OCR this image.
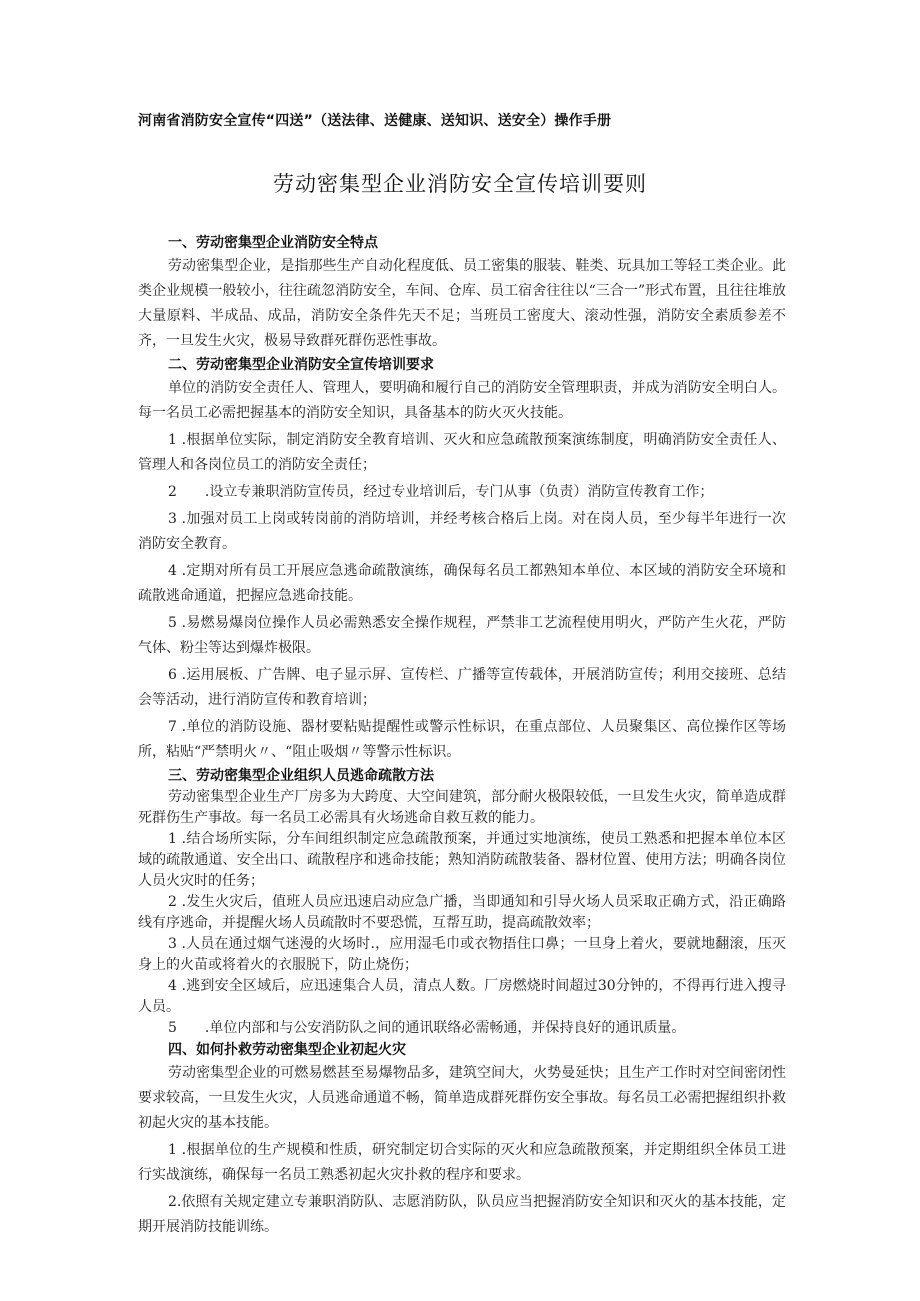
河南省消防安全宣传“四送”（送法律、送健康、送知识、送安全）操作手册
劳动密集型企业消防安全宣传培训要则

一、劳动密集型企业消防安全特点

劳动密集型企业，是指那些生产自动化程度低、员工密集的服装、鞋类、玩具加工等轻工类企业。此类企业规模一般较小，往往疏忽消防安全，车间、仓库、员工宿舍往往以“三合一”形式布置，且往往堆放大量原料、半成品、成品，消防安全条件先天不足；当班员工密度大、滚动性强，消防安全素质参差不齐，一旦发生火灾，极易导致群死群伤恶性事故。

二、劳动密集型企业消防安全宣传培训要求

单位的消防安全责任人、管理人，要明确和履行自己的消防安全管理职责，并成为消防安全明白人。每一名员工必需把握基本的消防安全知识，具备基本的防火灭火技能。

1 .根据单位实际，制定消防安全教育培训、灭火和应急疏散预案演练制度，明确消防安全责任人、管理人和各岗位员工的消防安全责任；

2　　.设立专兼职消防宣传员，经过专业培训后，专门从事（负责）消防宣传教育工作；

3 .加强对员工上岗或转岗前的消防培训，并经考核合格后上岗。对在岗人员，至少每半年进行一次消防安全教育。

4 .定期对所有员工开展应急逃命疏散演练，确保每名员工都熟知本单位、本区域的消防安全环境和疏散逃命通道，把握应急逃命技能。

5 .易燃易爆岗位操作人员必需熟悉安全操作规程，严禁非工艺流程使用明火，严防产生火花，严防气体、粉尘等达到爆炸极限。

6 .运用展板、广告牌、电子显示屏、宣传栏、广播等宣传载体，开展消防宣传；利用交接班、总结会等活动，进行消防宣传和教育培训；

7 .单位的消防设施、器材要粘贴提醒性或警示性标识，在重点部位、人员聚集区、高位操作区等场所，粘贴“严禁明火〃、“阻止吸烟〃等警示性标识。

三、劳动密集型企业组织人员逃命疏散方法

劳动密集型企业生产厂房多为大跨度、大空间建筑，部分耐火极限较低，一旦发生火灾，简单造成群死群伤生产事故。每一名员工必需具有火场逃命自救互救的能力。

1 .结合场所实际，分车间组织制定应急疏散预案，并通过实地演练，使员工熟悉和把握本单位本区域的疏散通道、安全出口、疏散程序和逃命技能；熟知消防疏散装备、器材位置、使用方法；明确各岗位人员火灾时的任务；

2 .发生火灾后，值班人员应迅速启动应急广播，当即通知和引导火场人员采取正确方式，沿正确路线有序逃命，并提醒火场人员疏散时不要恐慌，互帮互助，提高疏散效率；

3 .人员在通过烟气迷漫的火场时.，应用湿毛巾或衣物捂住口鼻；一旦身上着火，要就地翻滚，压灭身上的火苗或将着火的衣服脱下，防止烧伤；

4 .逃到安全区域后，应迅速集合人员，清点人数。厂房燃烧时间超过30分钟的，不得再行进入搜寻人员。

5　　.单位内部和与公安消防队之间的通讯联络必需畅通，并保持良好的通讯质量。

四、如何扑救劳动密集型企业初起火灾

劳动密集型企业的可燃易燃甚至易爆物品多，建筑空间大，火势曼延快；且生产工作时对空间密闭性要求较高，一旦发生火灾，人员逃命通道不畅，简单造成群死群伤安全事故。每名员工必需把握组织扑救初起火灾的基本技能。

1 .根据单位的生产规模和性质，研究制定切合实际的灭火和应急疏散预案，并定期组织全体员工进行实战演练，确保每一名员工熟悉初起火灾扑救的程序和要求。

2.依照有关规定建立专兼职消防队、志愿消防队，队员应当把握消防安全知识和灭火的基本技能，定期开展消防技能训练。
